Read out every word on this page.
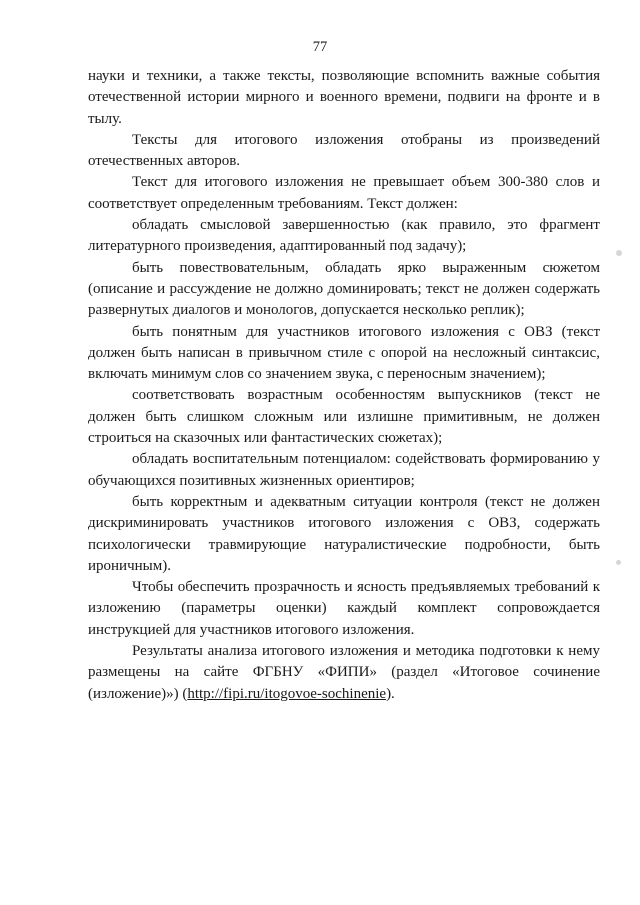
77

науки и техники, а также тексты, позволяющие вспомнить важные события отечественной истории мирного и военного времени, подвиги на фронте и в тылу.

Тексты для итогового изложения отобраны из произведений отечественных авторов.

Текст для итогового изложения не превышает объем 300-380 слов и соответствует определенным требованиям. Текст должен:

обладать смысловой завершенностью (как правило, это фрагмент литературного произведения, адаптированный под задачу);

быть повествовательным, обладать ярко выраженным сюжетом (описание и рассуждение не должно доминировать; текст не должен содержать развернутых диалогов и монологов, допускается несколько реплик);

быть понятным для участников итогового изложения с ОВЗ (текст должен быть написан в привычном стиле с опорой на несложный синтаксис, включать минимум слов со значением звука, с переносным значением);

соответствовать возрастным особенностям выпускников (текст не должен быть слишком сложным или излишне примитивным, не должен строиться на сказочных или фантастических сюжетах);

обладать воспитательным потенциалом: содействовать формированию у обучающихся позитивных жизненных ориентиров;

быть корректным и адекватным ситуации контроля (текст не должен дискриминировать участников итогового изложения с ОВЗ, содержать психологически травмирующие натуралистические подробности, быть ироничным).

Чтобы обеспечить прозрачность и ясность предъявляемых требований к изложению (параметры оценки) каждый комплект сопровождается инструкцией для участников итогового изложения.

Результаты анализа итогового изложения и методика подготовки к нему размещены на сайте ФГБНУ «ФИПИ» (раздел «Итоговое сочинение (изложение)») (http://fipi.ru/itogovoe-sochinenie).
